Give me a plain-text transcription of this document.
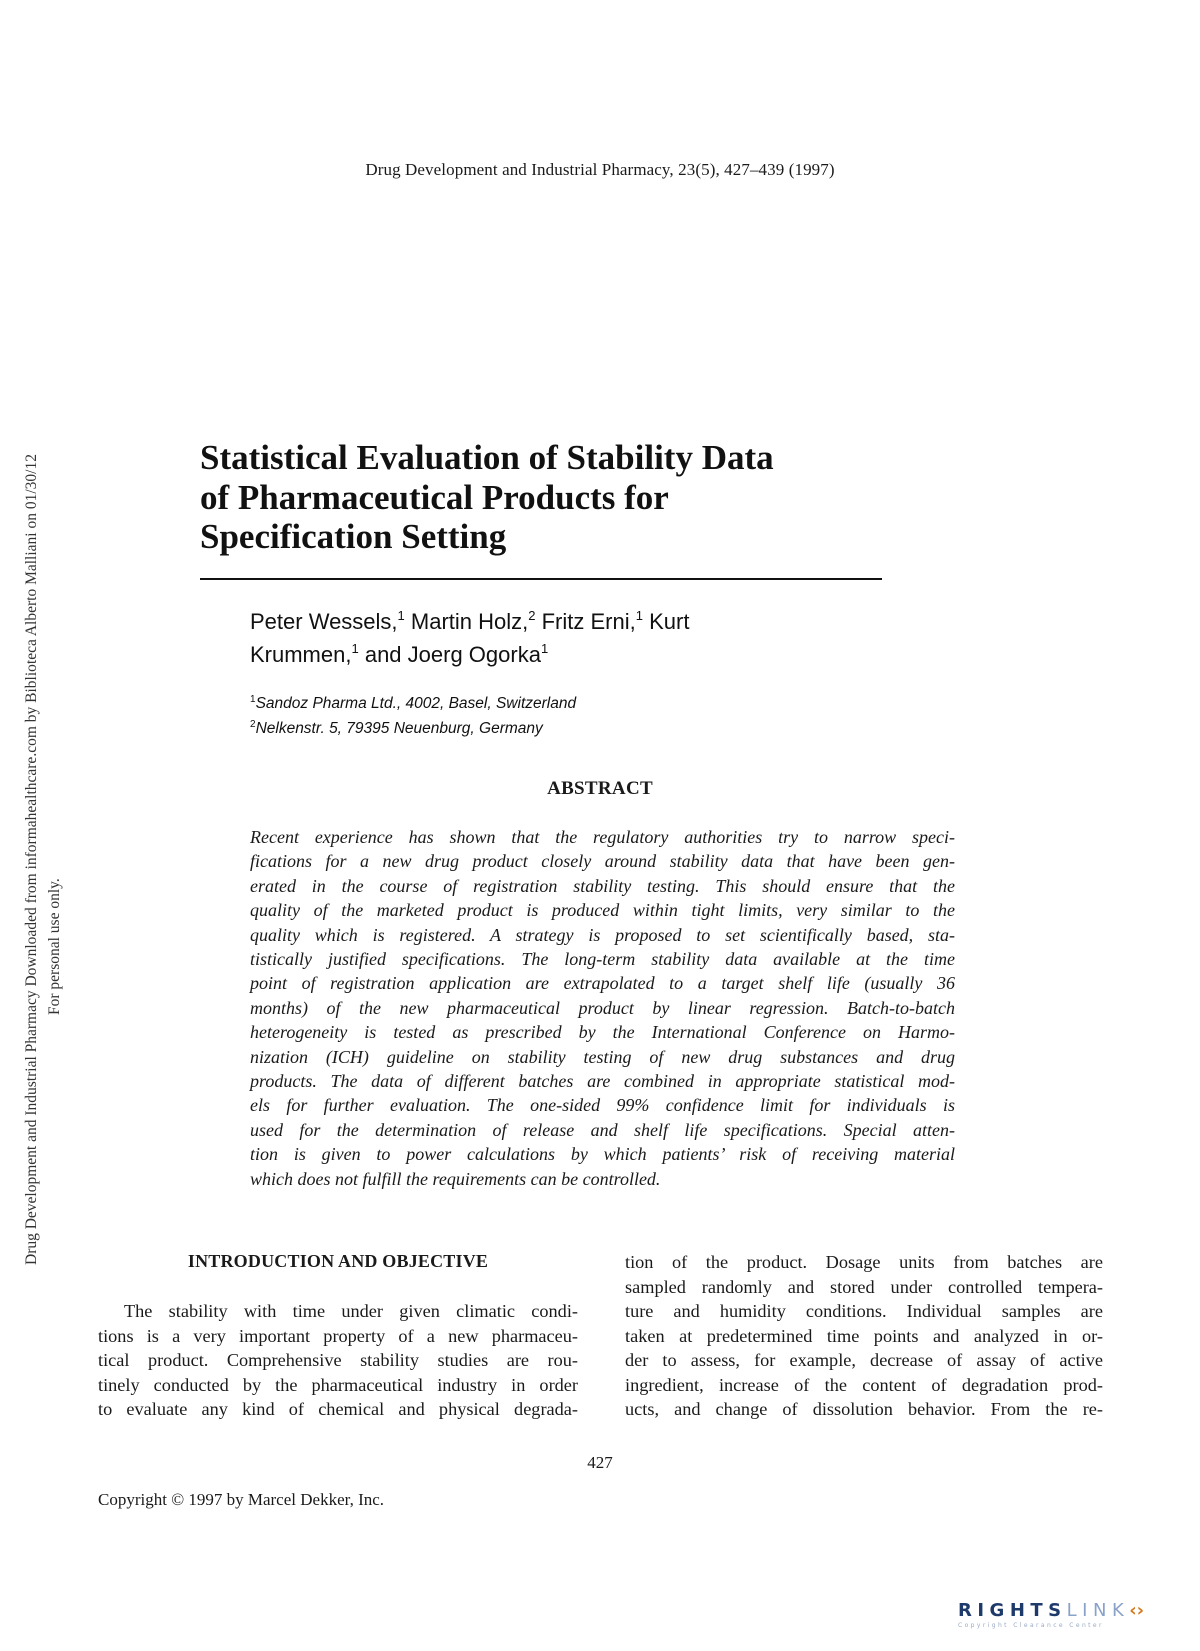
Drug Development and Industrial Pharmacy Downloaded from informahealthcare.com by Biblioteca Alberto Malliani on 01/30/12 For personal use only.
Drug Development and Industrial Pharmacy, 23(5), 427–439 (1997)
Statistical Evaluation of Stability Data
of Pharmaceutical Products for
Specification Setting
Peter Wessels,$^1$ Martin Holz,$^2$ Fritz Erni,$^1$ Kurt
Krummen,$^1$ and Joerg Ogorka$^1$
$^1$Sandoz Pharma Ltd., 4002, Basel, Switzerland
$^2$Nelkenstr. 5, 79395 Neuenburg, Germany
ABSTRACT
Recent experience has shown that the regulatory authorities try to narrow speci-
fications for a new drug product closely around stability data that have been gen-
erated in the course of registration stability testing. This should ensure that the
quality of the marketed product is produced within tight limits, very similar to the
quality which is registered. A strategy is proposed to set scientifically based, sta-
tistically justified specifications. The long-term stability data available at the time
point of registration application are extrapolated to a target shelf life (usually 36
months) of the new pharmaceutical product by linear regression. Batch-to-batch
heterogeneity is tested as prescribed by the International Conference on Harmo-
nization (ICH) guideline on stability testing of new drug substances and drug
products. The data of different batches are combined in appropriate statistical mod-
els for further evaluation. The one-sided 99% confidence limit for individuals is
used for the determination of release and shelf life specifications. Special atten-
tion is given to power calculations by which patients’ risk of receiving material
which does not fulfill the requirements can be controlled.
INTRODUCTION AND OBJECTIVE
The stability with time under given climatic condi-
tions is a very important property of a new pharmaceu-
tical product. Comprehensive stability studies are rou-
tinely conducted by the pharmaceutical industry in order
to evaluate any kind of chemical and physical degrada-
tion of the product. Dosage units from batches are
sampled randomly and stored under controlled tempera-
ture and humidity conditions. Individual samples are
taken at predetermined time points and analyzed in or-
der to assess, for example, decrease of assay of active
ingredient, increase of the content of degradation prod-
ucts, and change of dissolution behavior. From the re-
427
Copyright © 1997 by Marcel Dekker, Inc.
RIGHTSLINK‹›
Copyright Clearance Center
